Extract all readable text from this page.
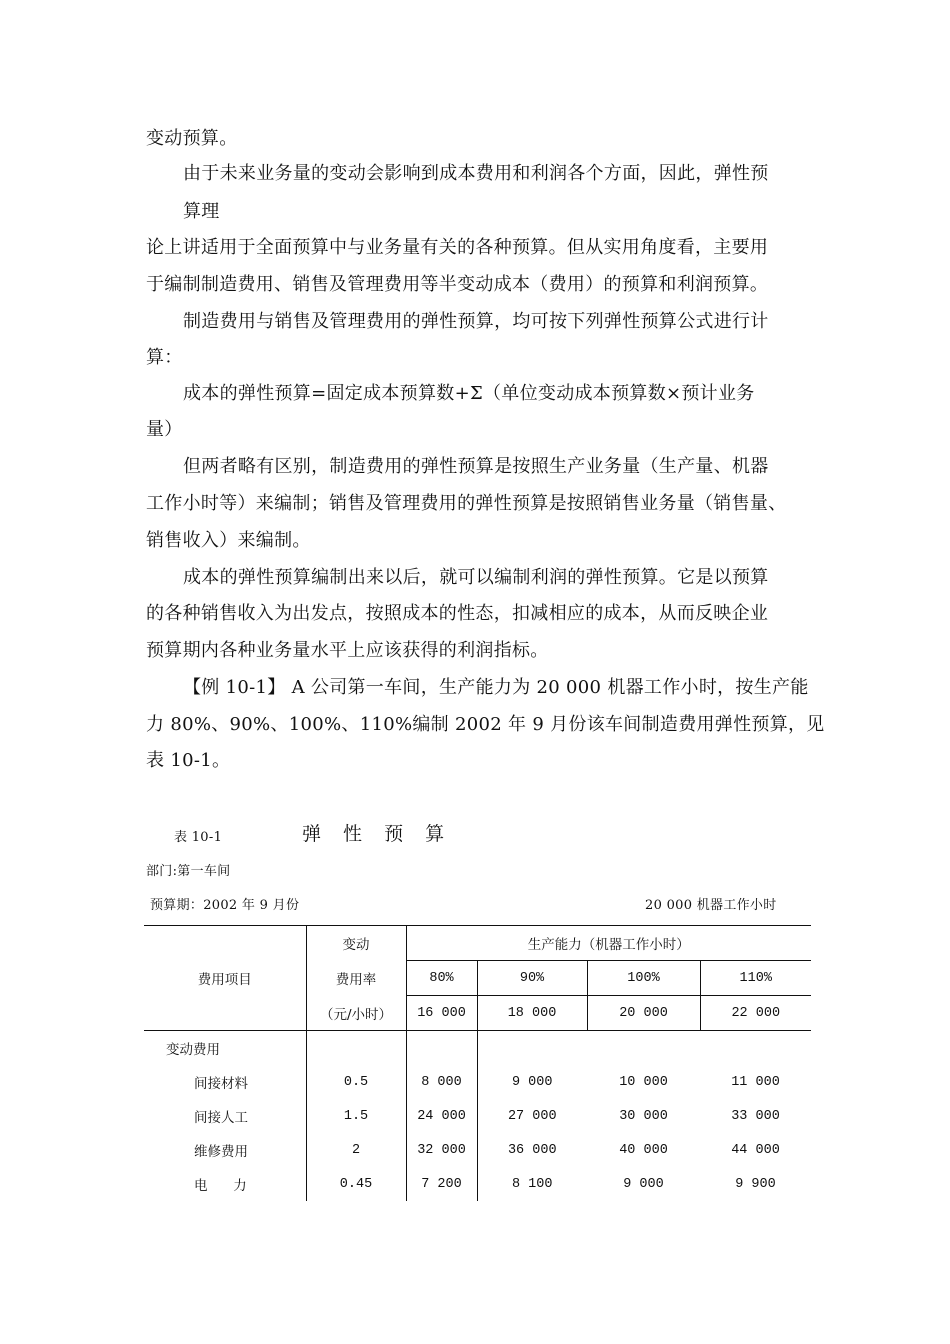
变动预算。
由于未来业务量的变动会影响到成本费用和利润各个方面，因此，弹性预
算理
论上讲适用于全面预算中与业务量有关的各种预算。但从实用角度看，主要用
于编制制造费用、销售及管理费用等半变动成本（费用）的预算和利润预算。
制造费用与销售及管理费用的弹性预算，均可按下列弹性预算公式进行计
算：
成本的弹性预算=固定成本预算数+Σ（单位变动成本预算数×预计业务
量）
但两者略有区别，制造费用的弹性预算是按照生产业务量（生产量、机器
工作小时等）来编制；销售及管理费用的弹性预算是按照销售业务量（销售量、
销售收入）来编制。
成本的弹性预算编制出来以后，就可以编制利润的弹性预算。它是以预算
的各种销售收入为出发点，按照成本的性态，扣减相应的成本，从而反映企业
预算期内各种业务量水平上应该获得的利润指标。
【例 10-1】 A 公司第一车间，生产能力为 20 000 机器工作小时，按生产能
力 80%、90%、100%、110%编制 2002 年 9 月份该车间制造费用弹性预算，见
表 10-1。
表 10-1	弹 性 预 算
部门:第一车间
预算期：2002 年 9 月份	20 000 机器工作小时
费用项目	变动	生产能力（机器工作小时）			
	费用率	80%	90%	100%	110%
	（元/小时）	16 000	18 000	20 000	22 000
变动费用					
间接材料	0.5	8 000	9 000	10 000	11 000
间接人工	1.5	24 000	27 000	30 000	33 000
维修费用	2	32 000	36 000	40 000	44 000
电      力	0.45	7 200	8 100	9 000	9 900
